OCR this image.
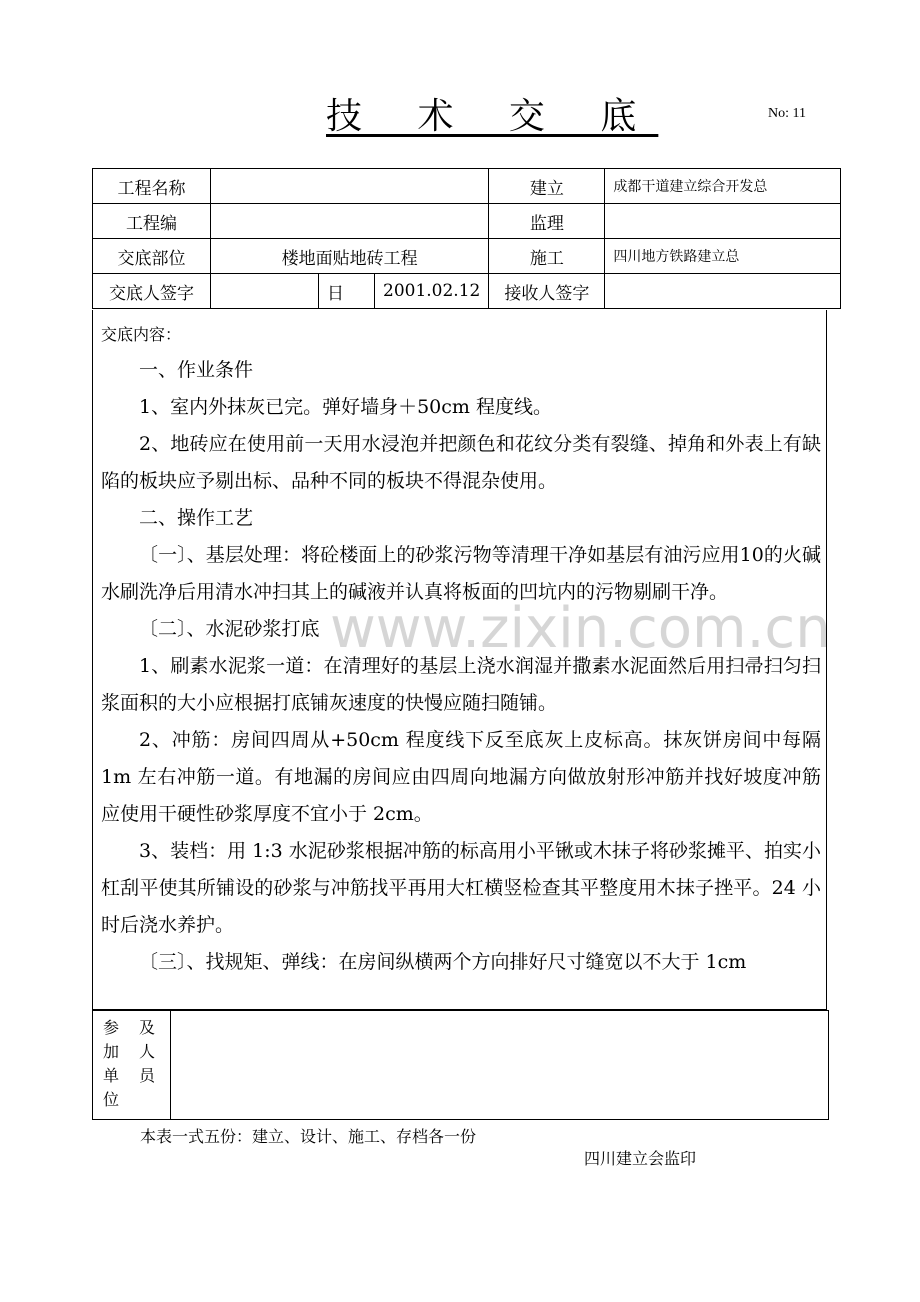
技 术 交 底	No: 11
工程名称				建立	成都干道建立综合开发总
工程编				监理	
交底部位	楼地面贴地砖工程			施工	四川地方铁路建立总
交底人签字		日	2001.02.12	接收人签字	
交底内容：

一、作业条件

1、室内外抹灰已完。弹好墙身＋50cm 程度线。

2、地砖应在使用前一天用水浸泡并把颜色和花纹分类有裂缝、掉角和外表上有缺陷的板块应予剔出标、品种不同的板块不得混杂使用。

二、操作工艺

〔一〕、基层处理：将砼楼面上的砂浆污物等清理干净如基层有油污应用10的火碱水刷洗净后用清水冲扫其上的碱液并认真将板面的凹坑内的污物剔刷干净。

〔二〕、水泥砂浆打底

1、刷素水泥浆一道：在清理好的基层上浇水润湿并撒素水泥面然后用扫帚扫匀扫浆面积的大小应根据打底铺灰速度的快慢应随扫随铺。

2、冲筋：房间四周从+50cm 程度线下反至底灰上皮标高。抹灰饼房间中每隔 1m 左右冲筋一道。有地漏的房间应由四周向地漏方向做放射形冲筋并找好坡度冲筋应使用干硬性砂浆厚度不宜小于 2cm。

3、装档：用 1:3 水泥砂浆根据冲筋的标高用小平锹或木抹子将砂浆摊平、拍实小杠刮平使其所铺设的砂浆与冲筋找平再用大杠横竖检查其平整度用木抹子挫平。24 小时后浇水养护。

〔三〕、找规矩、弹线：在房间纵横两个方向排好尺寸缝宽以不大于 1cm

www.zixin.com.cn
参 及
加 人
单 员
位
本表一式五份：建立、设计、施工、存档各一份
四川建立会监印
